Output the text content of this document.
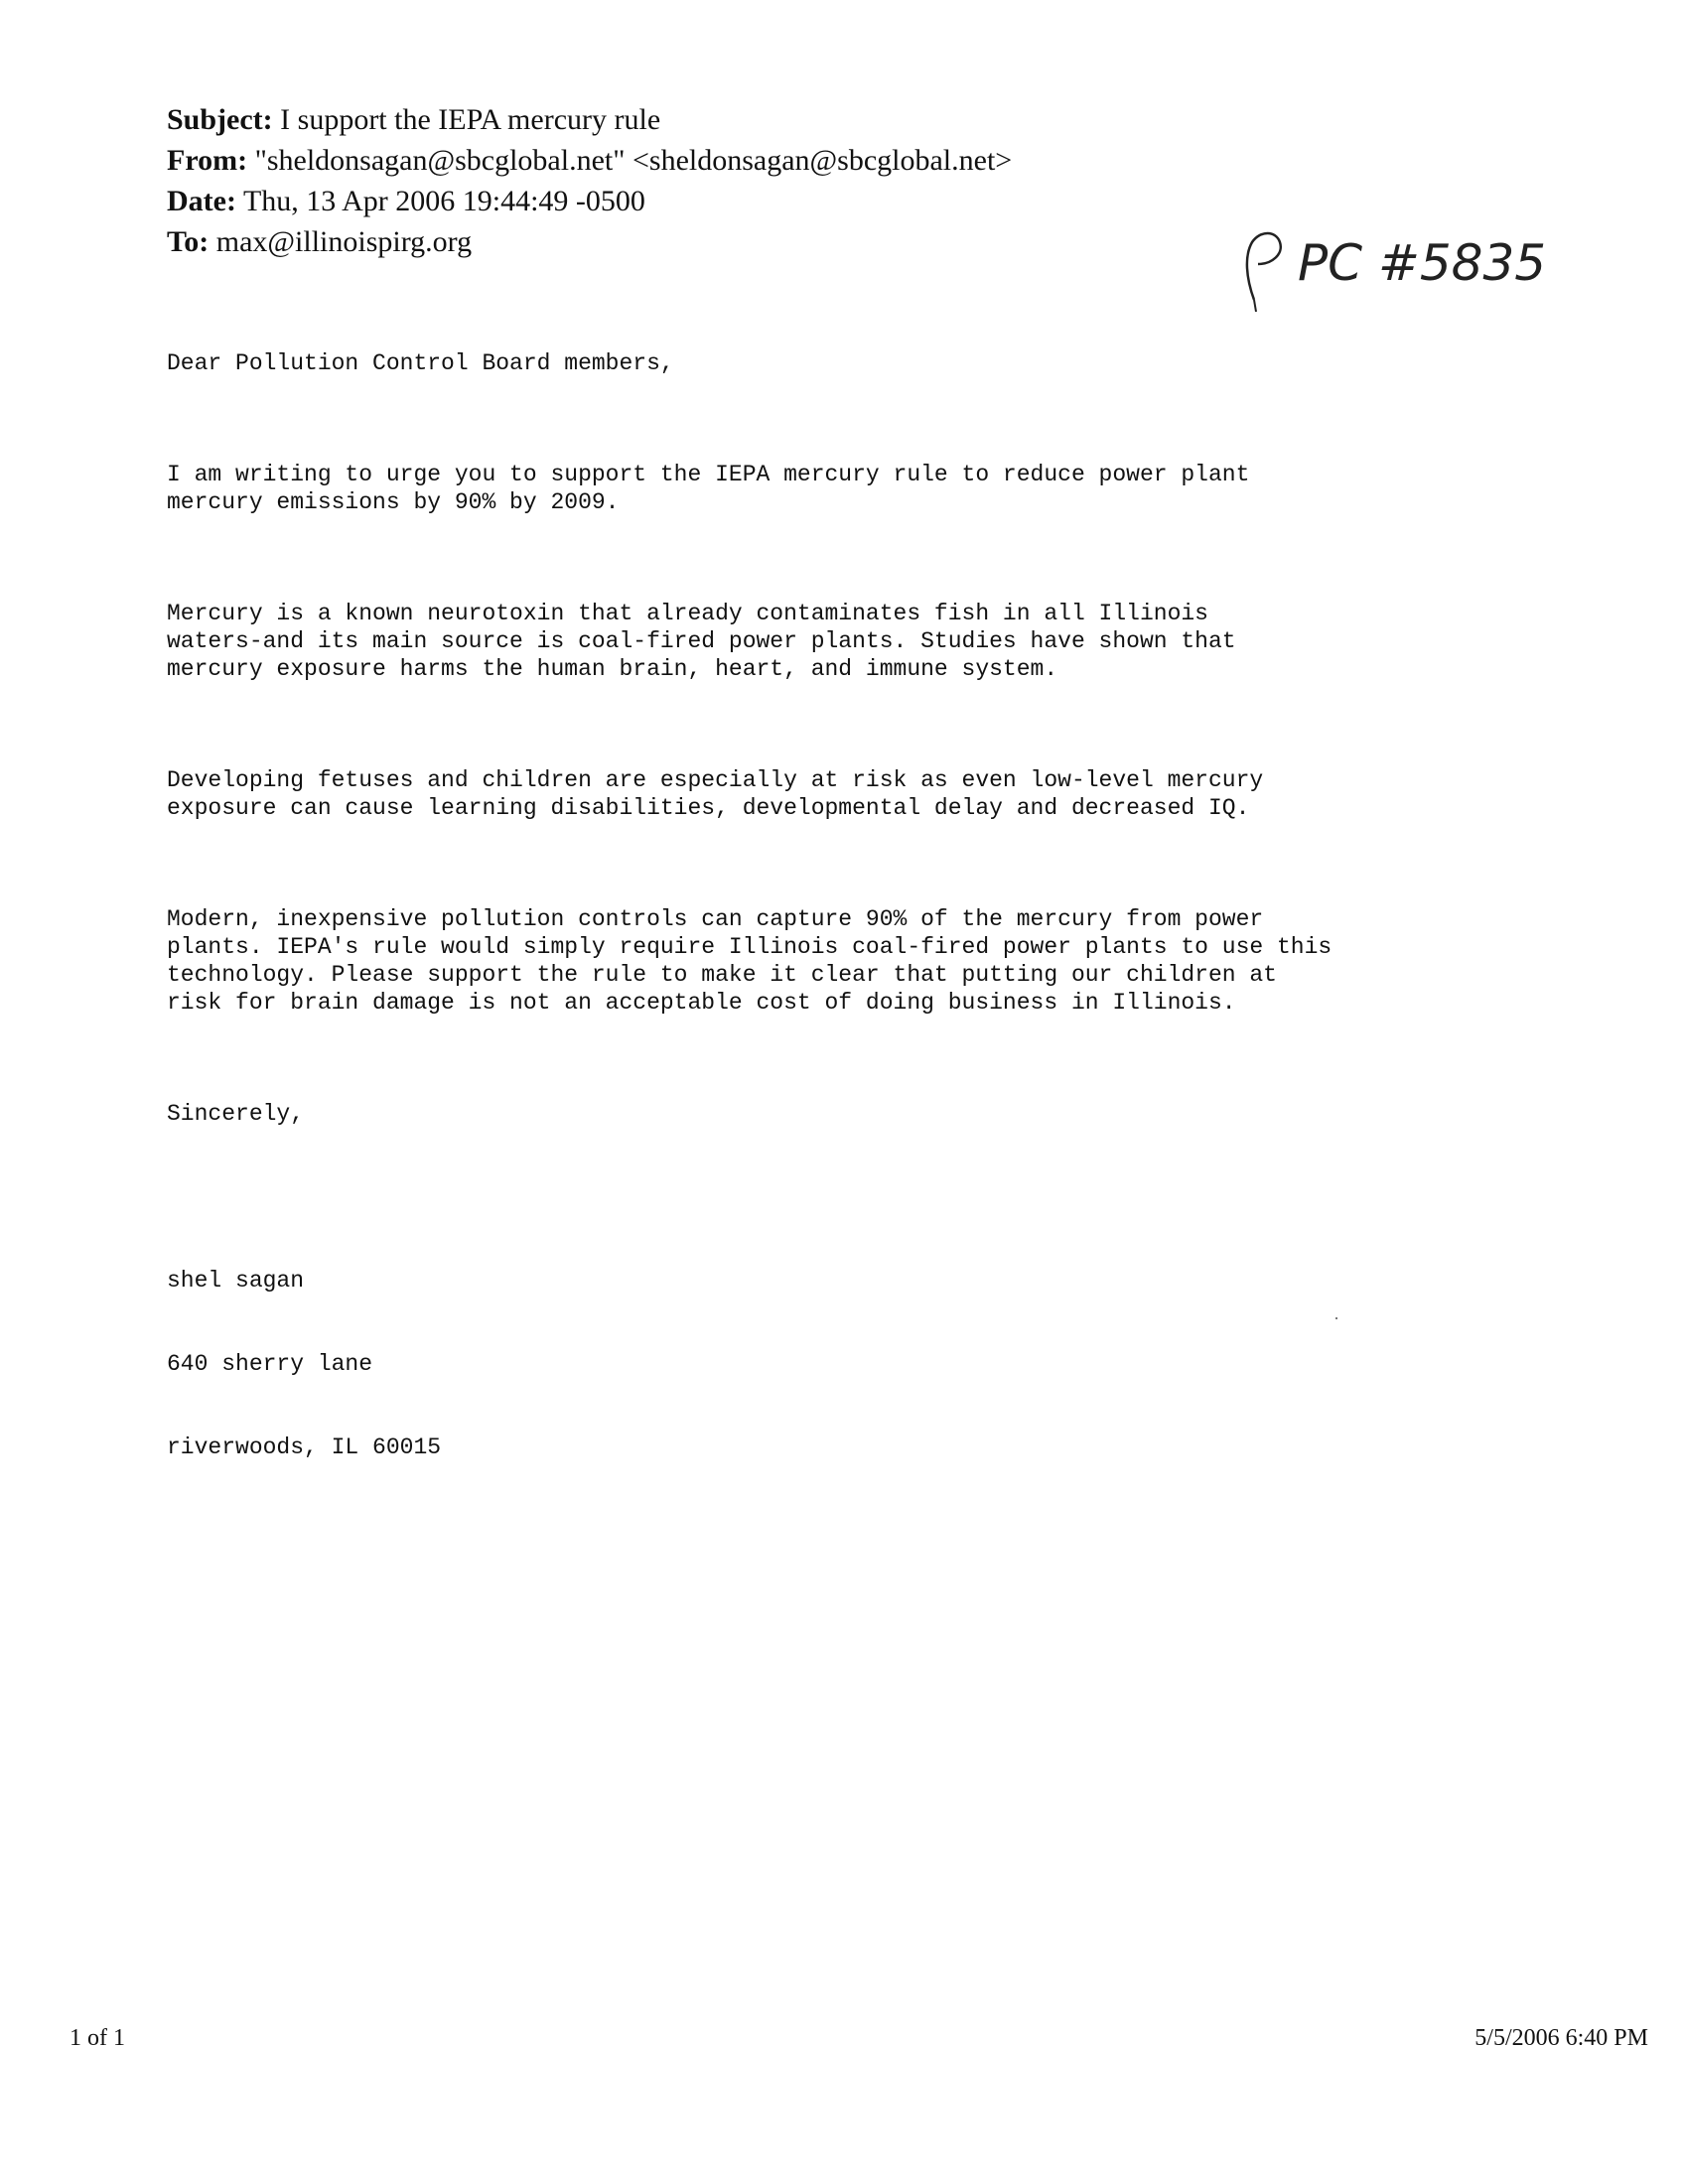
Subject: I support the IEPA mercury rule
From: "sheldonsagan@sbcglobal.net" <sheldonsagan@sbcglobal.net>
Date: Thu, 13 Apr 2006 19:44:49 -0500
To: max@illinoispirg.org	PC #5835

Dear Pollution Control Board members,

I am writing to urge you to support the IEPA mercury rule to reduce power plant
mercury emissions by 90% by 2009.

Mercury is a known neurotoxin that already contaminates fish in all Illinois
waters-and its main source is coal-fired power plants. Studies have shown that
mercury exposure harms the human brain, heart, and immune system.

Developing fetuses and children are especially at risk as even low-level mercury
exposure can cause learning disabilities, developmental delay and decreased IQ.

Modern, inexpensive pollution controls can capture 90% of the mercury from power
plants. IEPA's rule would simply require Illinois coal-fired power plants to use this
technology. Please support the rule to make it clear that putting our children at
risk for brain damage is not an acceptable cost of doing business in Illinois.

Sincerely,

shel sagan

640 sherry lane

riverwoods, IL 60015

1 of 1	5/5/2006 6:40 PM
